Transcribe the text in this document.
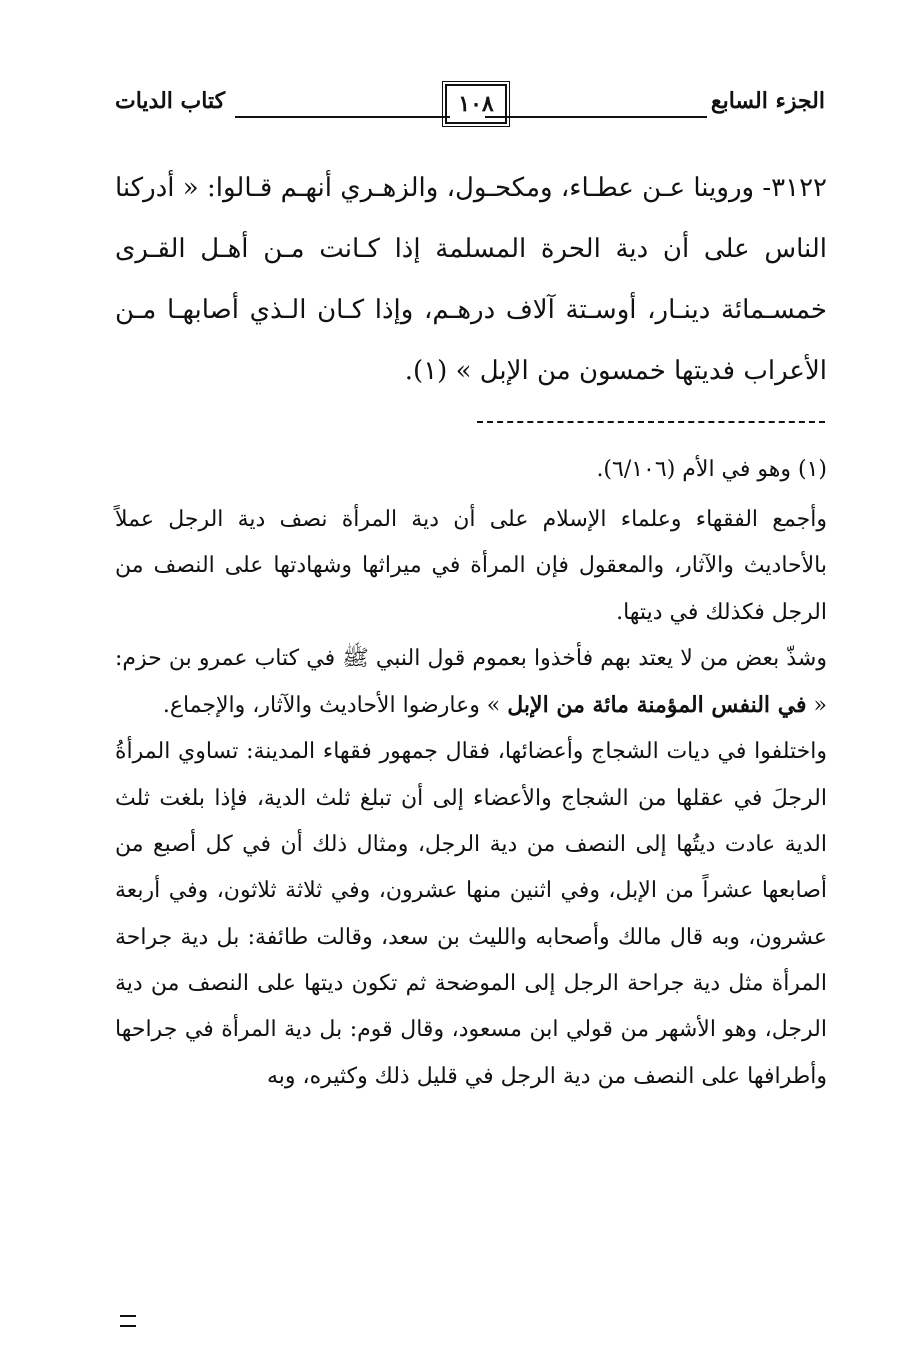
الجزء السابع
١٠٨
كتاب الديات
٣١٢٢- وروينا عـن عطـاء، ومكحـول، والزهـري أنهـم قـالوا: « أدركنا الناس على أن دية الحرة المسلمة إذا كـانت مـن أهـل القـرى خمسـمائة دينـار، أوسـتة آلاف درهـم، وإذا كـان الـذي أصابهـا مـن الأعراب فديتها خمسون من الإبل » (١).
(١) وهو في الأم (٦/١٠٦).

وأجمع الفقهاء وعلماء الإسلام على أن دية المرأة نصف دية الرجل عملاً بالأحاديث والآثار، والمعقول فإن المرأة في ميراثها وشهادتها على النصف من الرجل فكذلك في ديتها.

وشذّ بعض من لا يعتد بهم فأخذوا بعموم قول النبي ﷺ في كتاب عمرو بن حزم: « في النفس المؤمنة مائة من الإبل » وعارضوا الأحاديث والآثار، والإجماع.

واختلفوا في ديات الشجاج وأعضائها، فقال جمهور فقهاء المدينة: تساوي المرأةُ الرجلَ في عقلها من الشجاج والأعضاء إلى أن تبلغ ثلث الدية، فإذا بلغت ثلث الدية عادت ديتُها إلى النصف من دية الرجل، ومثال ذلك أن في كل أصبع من أصابعها عشراً من الإبل، وفي اثنين منها عشرون، وفي ثلاثة ثلاثون، وفي أربعة عشرون، وبه قال مالك وأصحابه والليث بن سعد، وقالت طائفة: بل دية جراحة المرأة مثل دية جراحة الرجل إلى الموضحة ثم تكون ديتها على النصف من دية الرجل، وهو الأشهر من قولي ابن مسعود، وقال قوم: بل دية المرأة في جراحها وأطرافها على النصف من دية الرجل في قليل ذلك وكثيره، وبه
